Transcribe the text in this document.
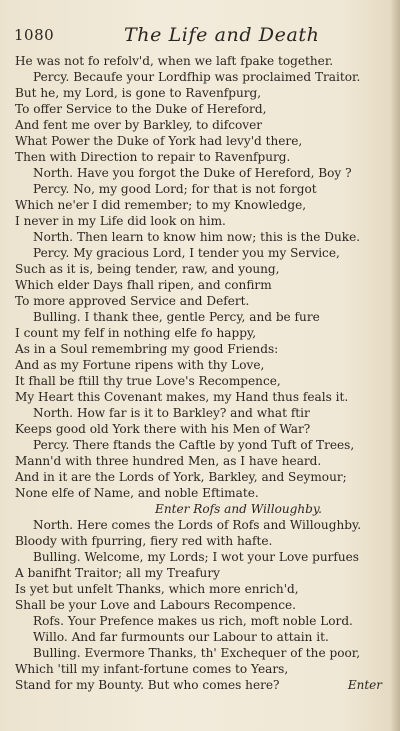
1080	The Life and Death
He was not fo refolv'd, when we laft fpake together.
Percy. Becaufe your Lordfhip was proclaimed Traitor.
But he, my Lord, is gone to Ravenfpurg,
To offer Service to the Duke of Hereford,
And fent me over by Barkley, to difcover
What Power the Duke of York had levy'd there,
Then with Direction to repair to Ravenfpurg.
North. Have you forgot the Duke of Hereford, Boy ?
Percy. No, my good Lord; for that is not forgot
Which ne'er I did remember; to my Knowledge,
I never in my Life did look on him.
North. Then learn to know him now; this is the Duke.
Percy. My gracious Lord, I tender you my Service,
Such as it is, being tender, raw, and young,
Which elder Days fhall ripen, and confirm
To more approved Service and Defert.
Bulling. I thank thee, gentle Percy, and be fure
I count my felf in nothing elfe fo happy,
As in a Soul remembring my good Friends:
And as my Fortune ripens with thy Love,
It fhall be ftill thy true Love's Recompence,
My Heart this Covenant makes, my Hand thus feals it.
North. How far is it to Barkley? and what ftir
Keeps good old York there with his Men of War?
Percy. There ftands the Caftle by yond Tuft of Trees,
Mann'd with three hundred Men, as I have heard.
And in it are the Lords of York, Barkley, and Seymour;
None elfe of Name, and noble Eftimate.
Enter Rofs and Willoughby.
North. Here comes the Lords of Rofs and Willoughby.
Bloody with fpurring, fiery red with hafte.
Bulling. Welcome, my Lords; I wot your Love purfues
A banifht Traitor; all my Treafury
Is yet but unfelt Thanks, which more enrich'd,
Shall be your Love and Labours Recompence.
Rofs. Your Prefence makes us rich, moft noble Lord.
Willo. And far furmounts our Labour to attain it.
Bulling. Evermore Thanks, th' Exchequer of the poor,
Which 'till my infant-fortune comes to Years,
Stand for my Bounty. But who comes here?	Enter
